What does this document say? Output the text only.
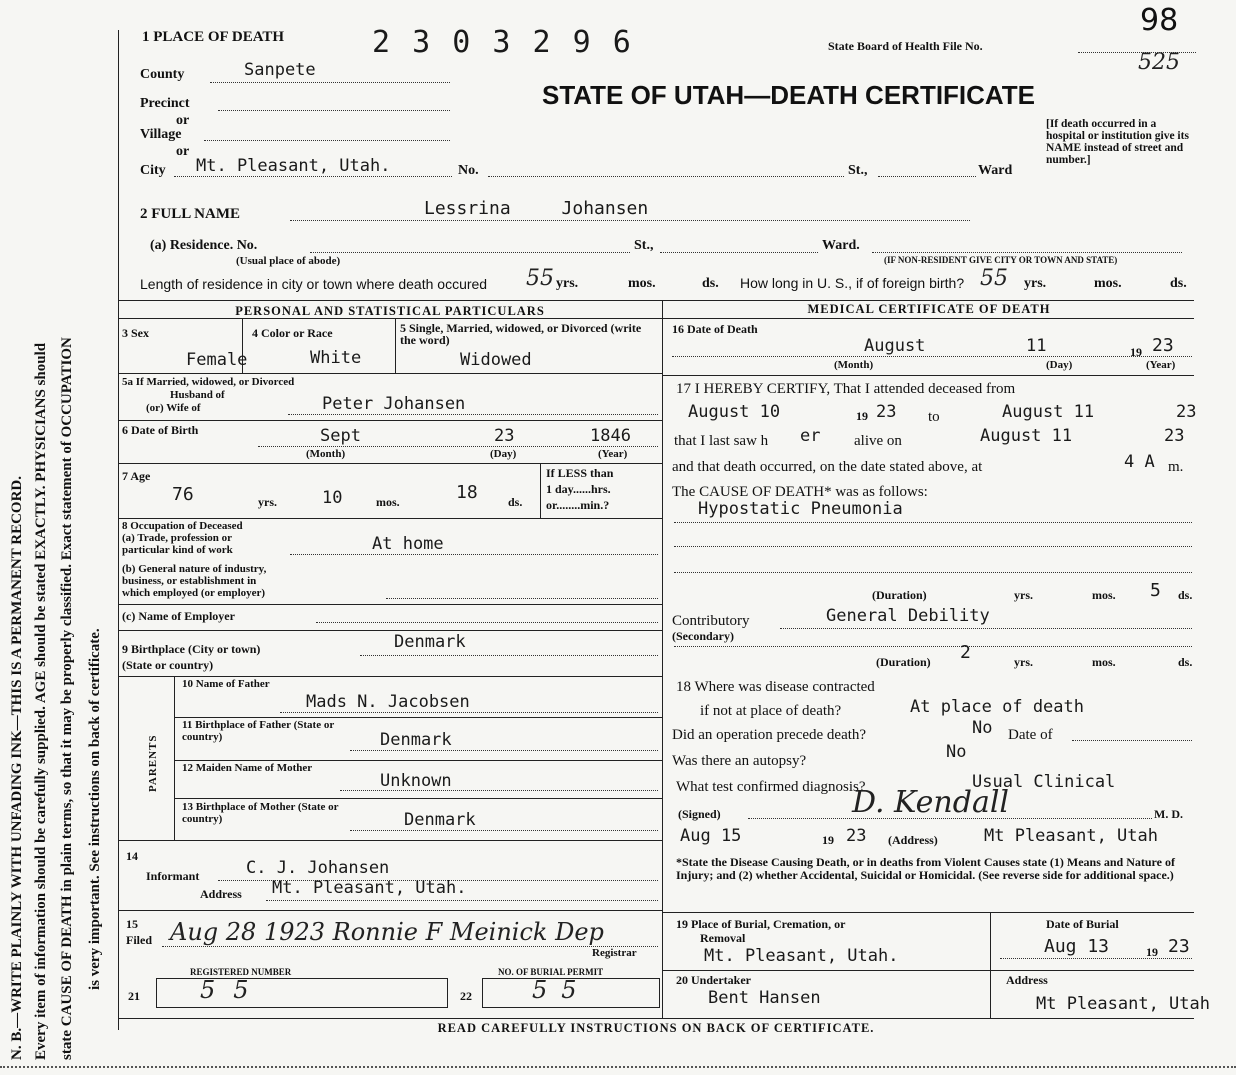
N. B.—WRITE PLAINLY WITH UNFADING INK—THIS IS A PERMANENT RECORD. Every item of information should be carefully supplied. AGE should be stated EXACTLY. PHYSICIANS should state CAUSE OF DEATH in plain terms, so that it may be properly classified. Exact statement of OCCUPATION is very important. See instructions on back of certificate.
1 PLACE OF DEATH	2 3 0 3 2 9 6	State Board of Health File No.
98
525
STATE OF UTAH—DEATH CERTIFICATE
[If death occurred in a hospital or institution give its NAME instead of street and number.]
County	Sanpete
Precinct
or
Village
or
City Mt. Pleasant, Utah.	No.	St.,	Ward
2 FULL NAME	Lessrina Johansen
(a) Residence. No.
(Usual place of abode)
St.,	Ward.
(IF NON-RESIDENT GIVE CITY OR TOWN AND STATE)
Length of residence in city or town where death occured 55 yrs.	mos.	ds. How long in U. S., if of foreign birth? 55 yrs.	mos.	ds.
PERSONAL AND STATISTICAL PARTICULARS	MEDICAL CERTIFICATE OF DEATH
3 Sex
Female
4 Color or Race
White
5 Single, Married, widowed, or Divorced (write the word)
Widowed
5a If Married, widowed, or Divorced
Husband of
(or) Wife of	Peter Johansen
6 Date of Birth	Sept	23	1846
(Month)	(Day)	(Year)
7 Age
76	yrs.	10	mos.	18	ds.
If LESS than
1 day......hrs.
or........min.?
8 Occupation of Deceased
(a) Trade, profession or
particular kind of work	At home
(b) General nature of industry,
business, or establishment in
which employed (or employer)
(c) Name of Employer
9 Birthplace (City or town)
(State or country)
Denmark
PARENTS
10 Name of Father
Mads N. Jacobsen
11 Birthplace of Father (State or country)	Denmark
12 Maiden Name of Mother
Unknown
13 Birthplace of Mother (State or country)	Denmark
14
Informant	C. J. Johansen
Address Mt. Pleasant, Utah.
15
Filed Aug 28 1923 Ronnie F Meinick Dep
Registrar
REGISTERED NUMBER
21	55
NO. OF BURIAL PERMIT
22	55
16 Date of Death
August	11	19 23
(Month)	(Day)	(Year)
17 I HEREBY CERTIFY, That I attended deceased from
August 10	19 23 to	August 11	23
that I last saw h er alive on	August 11	23
and that death occurred, on the date stated above, at	4 A m.
The CAUSE OF DEATH* was as follows:
Hypostatic Pneumonia
(Duration)	yrs.	mos. 5 ds.
Contributory
(Secondary)
General Debility
(Duration) 2	yrs.	mos.	ds.
18 Where was disease contracted
if not at place of death?	At place of death
Did an operation precede death?	No Date of
Was there an autopsy?	No
What test confirmed diagnosis?	Usual Clinical
(Signed)	D. Kendall	M. D.
Aug 15	19 23 (Address)	Mt Pleasant, Utah
*State the Disease Causing Death, or in deaths from Violent Causes state (1) Means and Nature of Injury; and (2) whether Accidental, Suicidal or Homicidal. (See reverse side for additional space.)
19 Place of Burial, Cremation, or
Removal
Mt. Pleasant, Utah.
Date of Burial
Aug 13	19 23
20 Undertaker
Bent Hansen
Address
Mt Pleasant, Utah
READ CAREFULLY INSTRUCTIONS ON BACK OF CERTIFICATE.
